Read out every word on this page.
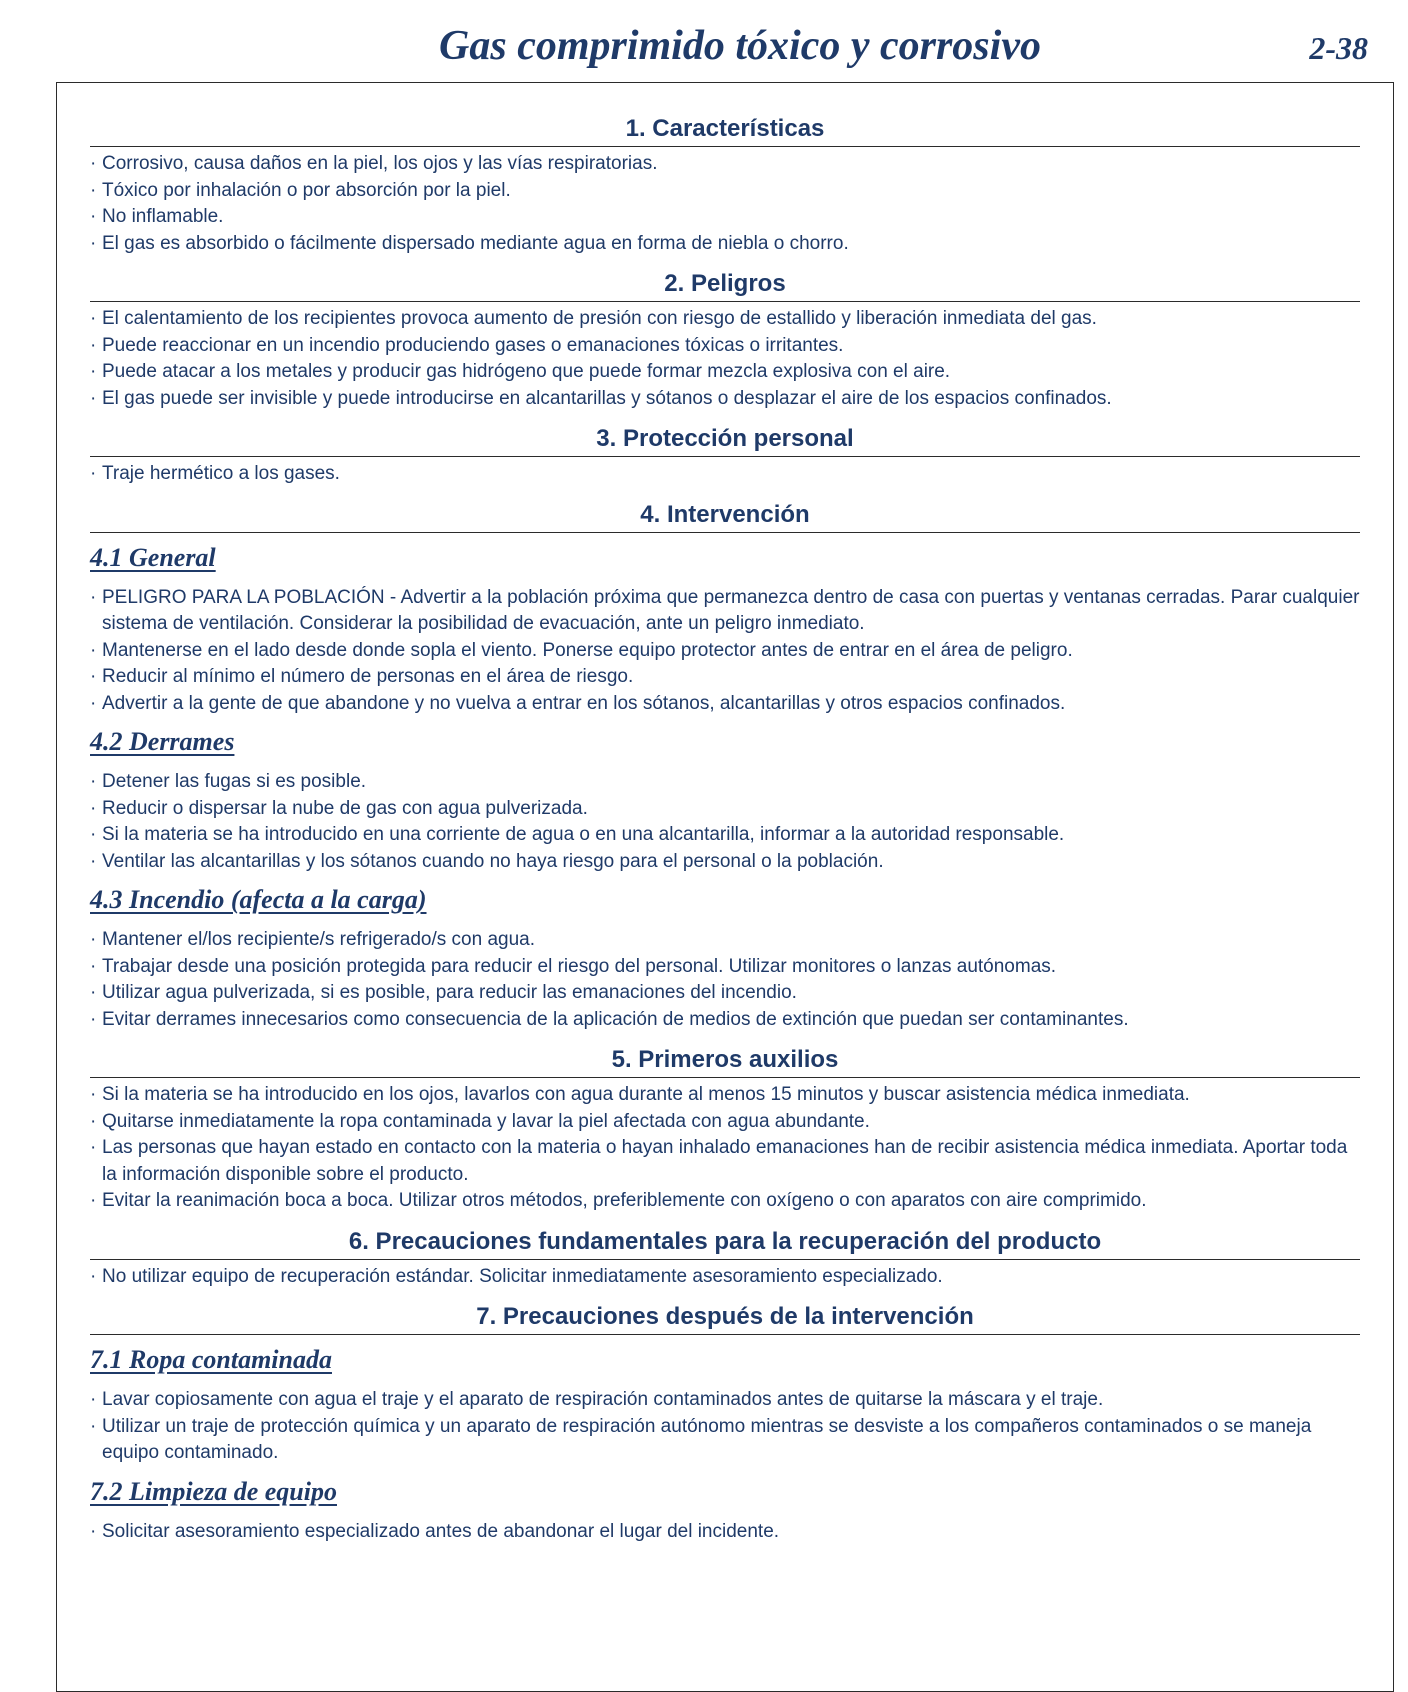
Gas comprimido tóxico y corrosivo	2-38
1. Características
· Corrosivo, causa daños en la piel, los ojos y las vías respiratorias.
· Tóxico por inhalación o por absorción por la piel.
· No inflamable.
· El gas es absorbido o fácilmente dispersado mediante agua en forma de niebla o chorro.
2. Peligros
· El calentamiento de los recipientes provoca aumento de presión con riesgo de estallido y liberación inmediata del gas.
· Puede reaccionar en un incendio produciendo gases o emanaciones tóxicas o irritantes.
· Puede atacar a los metales y producir gas hidrógeno que puede formar mezcla explosiva con el aire.
· El gas puede ser invisible y puede introducirse en alcantarillas y sótanos o desplazar el aire de los espacios confinados.
3. Protección personal
· Traje hermético a los gases.
4. Intervención
4.1 General
· PELIGRO PARA LA POBLACIÓN - Advertir a la población próxima que permanezca dentro de casa con puertas y ventanas cerradas. Parar cualquier sistema de ventilación. Considerar la posibilidad de evacuación, ante un peligro inmediato.
· Mantenerse en el lado desde donde sopla el viento. Ponerse equipo protector antes de entrar en el área de peligro.
· Reducir al mínimo el número de personas en el área de riesgo.
· Advertir a la gente de que abandone y no vuelva a entrar en los sótanos, alcantarillas y otros espacios confinados.
4.2 Derrames
· Detener las fugas si es posible.
· Reducir o dispersar la nube de gas con agua pulverizada.
· Si la materia se ha introducido en una corriente de agua o en una alcantarilla, informar a la autoridad responsable.
· Ventilar las alcantarillas y los sótanos cuando no haya riesgo para el personal o la población.
4.3 Incendio (afecta a la carga)
· Mantener el/los recipiente/s refrigerado/s con agua.
· Trabajar desde una posición protegida para reducir el riesgo del personal. Utilizar monitores o lanzas autónomas.
· Utilizar agua pulverizada, si es posible, para reducir las emanaciones del incendio.
· Evitar derrames innecesarios como consecuencia de la aplicación de medios de extinción que puedan ser contaminantes.
5. Primeros auxilios
· Si la materia se ha introducido en los ojos, lavarlos con agua durante al menos 15 minutos y buscar asistencia médica inmediata.
· Quitarse inmediatamente la ropa contaminada y lavar la piel afectada con agua abundante.
· Las personas que hayan estado en contacto con la materia o hayan inhalado emanaciones han de recibir asistencia médica inmediata. Aportar toda la información disponible sobre el producto.
· Evitar la reanimación boca a boca. Utilizar otros métodos, preferiblemente con oxígeno o con aparatos con aire comprimido.
6. Precauciones fundamentales para la recuperación del producto
· No utilizar equipo de recuperación estándar. Solicitar inmediatamente asesoramiento especializado.
7. Precauciones después de la intervención
7.1 Ropa contaminada
· Lavar copiosamente con agua el traje y el aparato de respiración contaminados antes de quitarse la máscara y el traje.
· Utilizar un traje de protección química y un aparato de respiración autónomo mientras se desviste a los compañeros contaminados o se maneja equipo contaminado.
7.2 Limpieza de equipo
· Solicitar asesoramiento especializado antes de abandonar el lugar del incidente.
